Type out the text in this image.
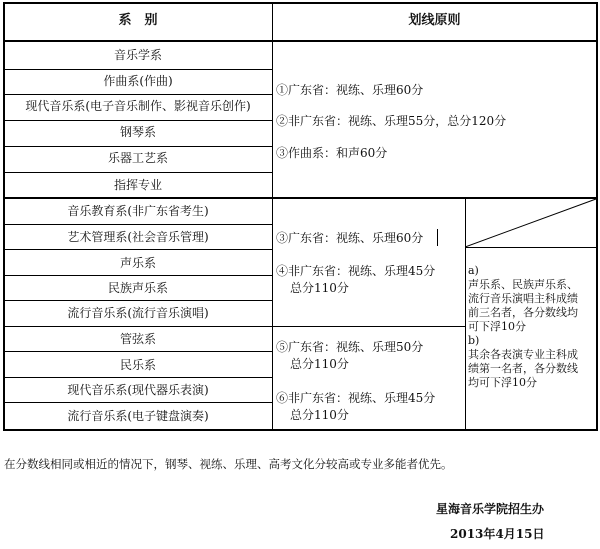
系　别	划线原则
音乐学系
作曲系(作曲)
现代音乐系(电子音乐制作、影视音乐创作)
钢琴系
乐器工艺系
指挥专业
①广东省：视练、乐理60分
②非广东省：视练、乐理55分，总分120分
③作曲系：和声60分
音乐教育系(非广东省考生)
艺术管理系(社会音乐管理)
声乐系
民族声乐系
流行音乐系(流行音乐演唱)
③广东省：视练、乐理60分
④非广东省：视练、乐理45分
总分110分
管弦系
民乐系
现代音乐系(现代器乐表演)
流行音乐系(电子键盘演奏)
⑤广东省：视练、乐理50分
总分110分
⑥非广东省：视练、乐理45分
总分110分
a)
声乐系、民族声乐系、
流行音乐演唱主科成绩
前三名者，各分数线均
可下浮10分
b)
其余各表演专业主科成
绩第一名者，各分数线
均可下浮10分
在分数线相同或相近的情况下，钢琴、视练、乐理、高考文化分较高或专业多能者优先。
星海音乐学院招生办
2013年4月15日
